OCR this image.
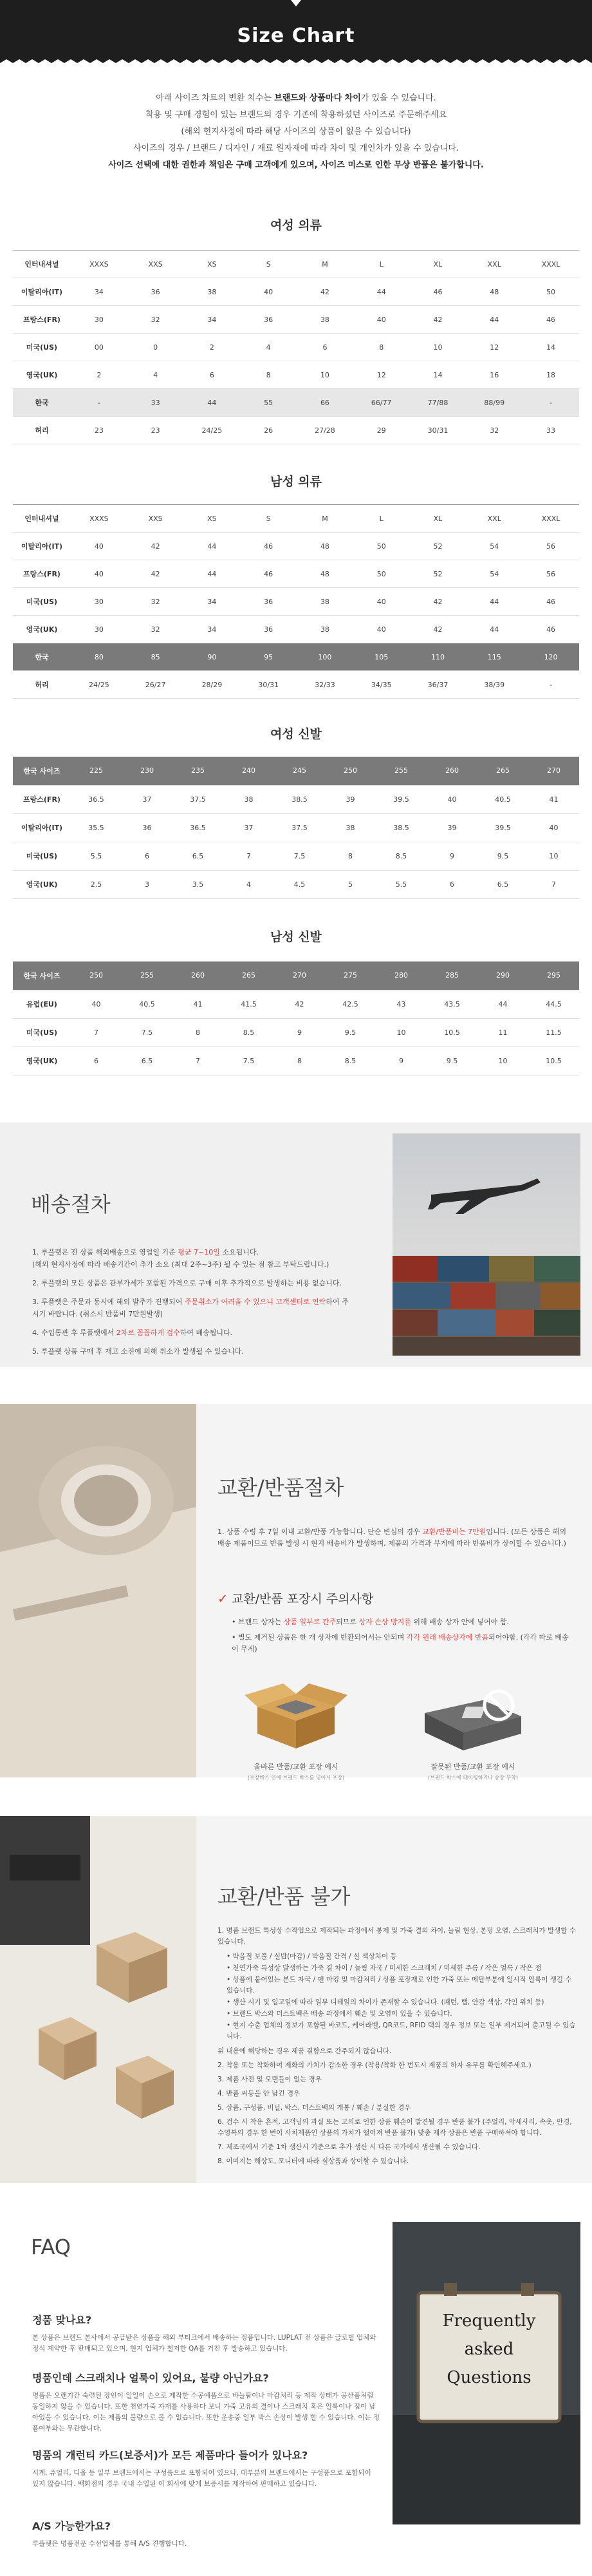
Size Chart
아래 사이즈 차트의 변환 치수는 브랜드와 상품마다 차이가 있을 수 있습니다.
착용 및 구매 경험이 있는 브랜드의 경우 기존에 착용하셨던 사이즈로 주문해주세요
(해외 현지사정에 따라 해당 사이즈의 상품이 없을 수 있습니다)
사이즈의 경우 / 브랜드 / 디자인 / 재료 원자재에 따라 차이 및 개인차가 있을 수 있습니다.
사이즈 선택에 대한 권한과 책임은 구매 고객에게 있으며, 사이즈 미스로 인한 무상 반품은 불가합니다.
여성 의류
인터내셔널	XXXS	XXS	XS	S	M	L	XL	XXL	XXXL
이탈리아(IT)	34	36	38	40	42	44	46	48	50
프랑스(FR)	30	32	34	36	38	40	42	44	46
미국(US)	00	0	2	4	6	8	10	12	14
영국(UK)	2	4	6	8	10	12	14	16	18
한국	-	33	44	55	66	66/77	77/88	88/99	-
허리	23	23	24/25	26	27/28	29	30/31	32	33
남성 의류
인터내셔널	XXXS	XXS	XS	S	M	L	XL	XXL	XXXL
이탈리아(IT)	40	42	44	46	48	50	52	54	56
프랑스(FR)	40	42	44	46	48	50	52	54	56
미국(US)	30	32	34	36	38	40	42	44	46
영국(UK)	30	32	34	36	38	40	42	44	46
한국	80	85	90	95	100	105	110	115	120
허리	24/25	26/27	28/29	30/31	32/33	34/35	36/37	38/39	-
여성 신발
한국 사이즈	225	230	235	240	245	250	255	260	265	270
프랑스(FR)	36.5	37	37.5	38	38.5	39	39.5	40	40.5	41
이탈리아(IT)	35.5	36	36.5	37	37.5	38	38.5	39	39.5	40
미국(US)	5.5	6	6.5	7	7.5	8	8.5	9	9.5	10
영국(UK)	2.5	3	3.5	4	4.5	5	5.5	6	6.5	7
남성 신발
한국 사이즈	250	255	260	265	270	275	280	285	290	295
유럽(EU)	40	40.5	41	41.5	42	42.5	43	43.5	44	44.5
미국(US)	7	7.5	8	8.5	9	9.5	10	10.5	11	11.5
영국(UK)	6	6.5	7	7.5	8	8.5	9	9.5	10	10.5
배송절차
1. 루플랫은 전 상품 해외배송으로 영업일 기준 평균 7~10일 소요됩니다.
(해외 현지사정에 따라 배송기간이 추가 소요 (최대 2주~3주) 될 수 있는 점 참고 부탁드립니다.)
2. 루플랫의 모든 상품은 관부가세가 포함된 가격으로 구매 이후 추가적으로 발생하는 비용 없습니다.
3. 루플랫은 주문과 동시에 해외 발주가 진행되어 주문취소가 어려울 수 있으니 고객센터로 연락하여 주시기 바랍니다. (취소시 반품비 7만원발생)
4. 수입통관 후 루플랫에서 2차로 꼼꼼하게 검수하여 배송됩니다.
5. 루플랫 상품 구매 후 재고 소진에 의해 취소가 발생될 수 있습니다.
교환/반품절차
1. 상품 수령 후 7일 이내 교환/반품 가능합니다. 단순 변심의 경우 교환/반품비는 7만원입니다. (모든 상품은 해외 배송 제품이므로 반품 발생 시 현지 배송비가 발생하며, 제품의 가격과 무게에 따라 반품비가 상이할 수 있습니다.)
✓ 교환/반품 포장시 주의사항
• 브랜드 상자는 상품 일부로 간주되므로 상자 손상 방지를 위해 배송 상자 안에 넣어야 함.
• 별도 제거된 상품은 한 개 상자에 반환되어서는 안되며 각각 원래 배송상자에 반품되어야함. (각각 따로 배송이 무게)
올바른 반품/교환 포장 예시
(포장박스 안에 브랜드 박스를 넣어서 포장)
잘못된 반품/교환 포장 예시
(브랜드 박스에 테이핑하거나 송장 부착)
교환/반품 불가
1. 명품 브랜드 특성상 수작업으로 제작되는 과정에서 봉제 및 가죽 결의 차이, 늘림 현상, 본딩 오염, 스크래치가 발생할 수 있습니다.
• 박음질 보풀 / 실밥(마감) / 박음질 간격 / 실 색상차이 등
• 천연가죽 특성상 발생하는 가죽 결 차이 / 늘림 자국 / 미세한 스크래치 / 미세한 주름 / 작은 얼룩 / 작은 점
• 상품에 붙어있는 본드 자국 / 펜 마킹 및 마감처리 / 상품 포장재로 인한 가죽 또는 메탈부분에 일시적 얼룩이 생길 수 있습니다.
• 생산 시기 및 입고일에 따라 일부 디테일의 차이가 존재할 수 있습니다. (패턴, 탭, 안감 색상, 각인 위치 등)
• 브랜드 박스와 더스트백은 배송 과정에서 훼손 및 오염이 있을 수 있습니다.
• 현지 수출 업체의 정보가 포함된 바코드, 케어라벨, QR코드, RFID 택의 경우 정보 또는 일부 제거되어 출고될 수 있습니다.
위 내용에 해당하는 경우 제품 결함으로 간주되지 않습니다.
2. 착용 또는 착화하여 제화의 가치가 감소한 경우 (착용/착화 한 번도시 제품의 하자 유무를 확인해주세요.)
3. 제품 사진 및 모델들이 없는 경우
4. 반품 씨등을 안 남긴 경우
5. 상품, 구성품, 비닐, 박스, 더스트백의 개봉 / 훼손 / 분실한 경우
6. 검수 시 착용 흔적, 고객님의 과실 또는 고의로 인한 상품 훼손이 발견될 경우 반품 불가 (주얼리, 악세사리, 속옷, 안경, 수영복의 경우 한 번이 사치제품인 상품의 가치가 떨어져 반품 불가) 맞춤 제작 상품은 반품 구매하셔야 합니다.
7. 제조국에서 기준 1차 생산시 기준으로 추가 생산 시 다른 국가에서 생산될 수 있습니다.
8. 이미지는 해상도, 모니터에 따라 실상품과 상이할 수 있습니다.
FAQ
정품 맞나요?
본 상품은 브랜드 본사에서 공급받은 상품을 해외 부티크에서 배송하는 정품입니다. LUPLAT 전 상품은 글로벌 업체와 정식 계약한 후 판매되고 있으며, 현지 업체가 철저한 QA를 거친 후 발송하고 있습니다.
명품인데 스크래치나 얼룩이 있어요, 불량 아닌가요?
명품은 오랜기간 숙련된 장인이 일일이 손으로 제작한 수공예품으로 바늘땀이나 마감처리 등 제작 상태가 공산품처럼 동일하지 않을 수 있습니다. 또한 천연가죽 자재를 사용하다 보니 가죽 고유의 결이나 스크래치 혹은 얼룩이나 점이 남아있을 수 있습니다. 이는 제품의 불량으로 볼 수 없습니다. 또한 운송중 일부 박스 손상이 발생 할 수 있습니다. 이는 정품여부와는 무관합니다.
명품의 개런티 카드(보증서)가 모든 제품마다 들어가 있나요?
시계, 쥬얼리, 디올 등 일부 브랜드에서는 구성품으로 포함되어 있으나, 대부분의 브랜드에서는 구성품으로 포함되어 있지 않습니다. 백화점의 경우 국내 수입된 이 회사에 맞게 보증서를 제작하여 판매하고 있습니다.
A/S 가능한가요?
루플랫은 명품전문 수선업체를 통해 A/S 진행합니다.
Frequently
asked
Questions
